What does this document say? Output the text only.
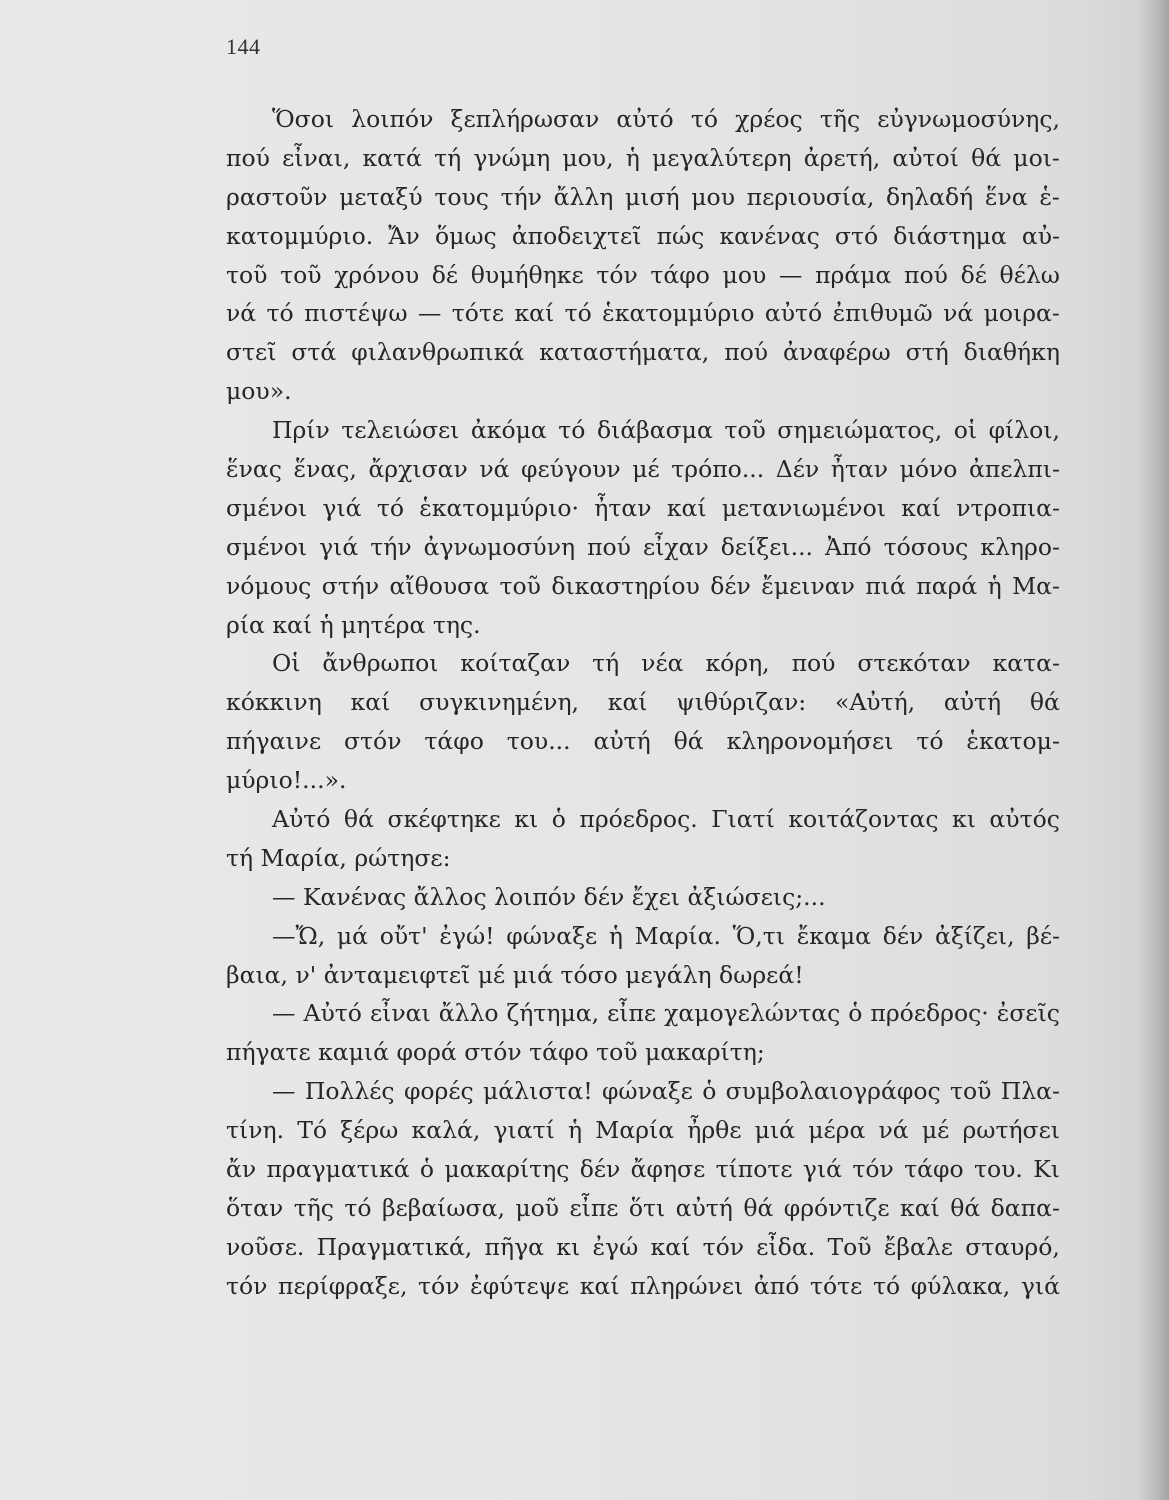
144
Ὅσοι λοιπόν ξεπλήρωσαν αὐτό τό χρέος τῆς εὐγνωμοσύνης,
πού εἶναι, κατά τή γνώμη μου, ἡ μεγαλύτερη ἀρετή, αὐτοί θά μοι-
ραστοῦν μεταξύ τους τήν ἄλλη μισή μου περιουσία, δηλαδή ἕνα ἑ-
κατομμύριο. Ἄν ὅμως ἀποδειχτεῖ πώς κανένας στό διάστημα αὐ-
τοῦ τοῦ χρόνου δέ θυμήθηκε τόν τάφο μου — πράμα πού δέ θέλω
νά τό πιστέψω — τότε καί τό ἑκατομμύριο αὐτό ἐπιθυμῶ νά μοιρα-
στεῖ στά φιλανθρωπικά καταστήματα, πού ἀναφέρω στή διαθήκη
μου».
Πρίν τελειώσει ἀκόμα τό διάβασμα τοῦ σημειώματος, οἱ φίλοι,
ἕνας ἕνας, ἄρχισαν νά φεύγουν μέ τρόπο... Δέν ἦταν μόνο ἀπελπι-
σμένοι γιά τό ἑκατομμύριο· ἦταν καί μετανιωμένοι καί ντροπια-
σμένοι γιά τήν ἀγνωμοσύνη πού εἶχαν δείξει... Ἀπό τόσους κληρο-
νόμους στήν αἴθουσα τοῦ δικαστηρίου δέν ἔμειναν πιά παρά ἡ Μα-
ρία καί ἡ μητέρα της.
Οἱ ἄνθρωποι κοίταζαν τή νέα κόρη, πού στεκόταν κατα-
κόκκινη καί συγκινημένη, καί ψιθύριζαν: «Αὐτή, αὐτή θά
πήγαινε στόν τάφο του... αὐτή θά κληρονομήσει τό ἑκατομ-
μύριο!...».
Αὐτό θά σκέφτηκε κι ὁ πρόεδρος. Γιατί κοιτάζοντας κι αὐτός
τή Μαρία, ρώτησε:
— Κανένας ἄλλος λοιπόν δέν ἔχει ἀξιώσεις;...
—Ὤ, μά οὔτ' ἐγώ! φώναξε ἡ Μαρία. Ὅ,τι ἔκαμα δέν ἀξίζει, βέ-
βαια, ν' ἀνταμειφτεῖ μέ μιά τόσο μεγάλη δωρεά!
— Αὐτό εἶναι ἄλλο ζήτημα, εἶπε χαμογελώντας ὁ πρόεδρος· ἐσεῖς
πήγατε καμιά φορά στόν τάφο τοῦ μακαρίτη;
— Πολλές φορές μάλιστα! φώναξε ὁ συμβολαιογράφος τοῦ Πλα-
τίνη. Τό ξέρω καλά, γιατί ἡ Μαρία ἦρθε μιά μέρα νά μέ ρωτήσει
ἄν πραγματικά ὁ μακαρίτης δέν ἄφησε τίποτε γιά τόν τάφο του. Κι
ὅταν τῆς τό βεβαίωσα, μοῦ εἶπε ὅτι αὐτή θά φρόντιζε καί θά δαπα-
νοῦσε. Πραγματικά, πῆγα κι ἐγώ καί τόν εἶδα. Τοῦ ἔβαλε σταυρό,
τόν περίφραξε, τόν ἐφύτεψε καί πληρώνει ἀπό τότε τό φύλακα, γιά
